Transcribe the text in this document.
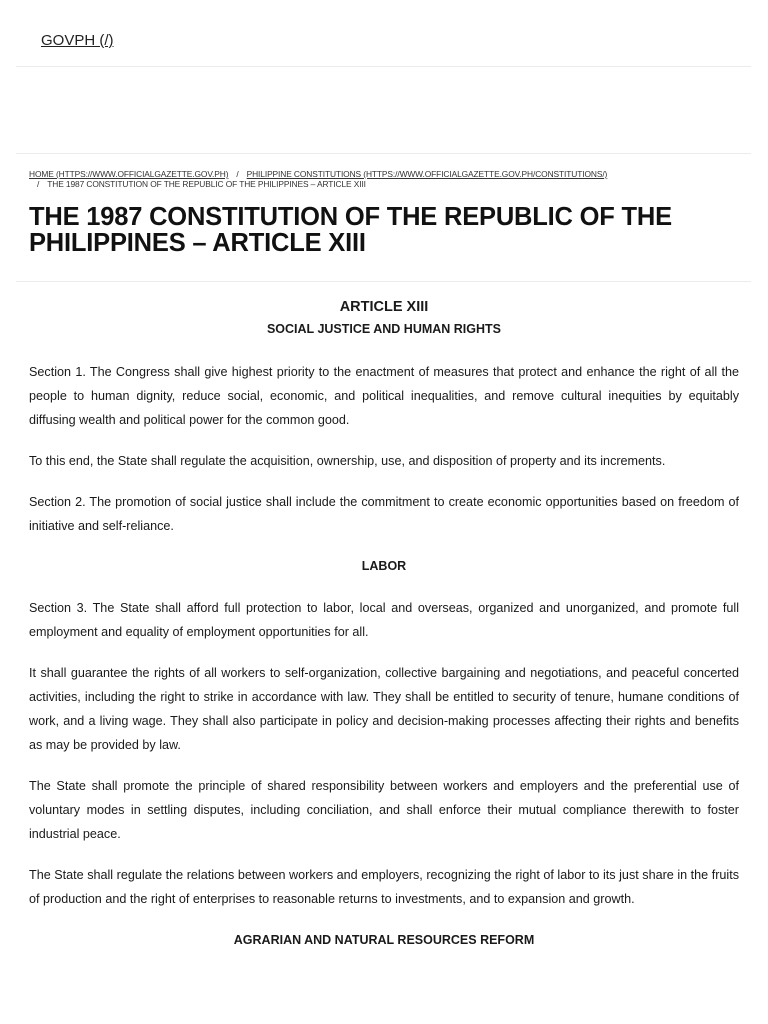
GOVPH (/)
HOME (HTTPS://WWW.OFFICIALGAZETTE.GOV.PH) / PHILIPPINE CONSTITUTIONS (HTTPS://WWW.OFFICIALGAZETTE.GOV.PH/CONSTITUTIONS/)
/ THE 1987 CONSTITUTION OF THE REPUBLIC OF THE PHILIPPINES – ARTICLE XIII
THE 1987 CONSTITUTION OF THE REPUBLIC OF THE PHILIPPINES – ARTICLE XIII

ARTICLE XIII

SOCIAL JUSTICE AND HUMAN RIGHTS

Section 1. The Congress shall give highest priority to the enactment of measures that protect and enhance the right of all the people to human dignity, reduce social, economic, and political inequalities, and remove cultural inequities by equitably diffusing wealth and political power for the common good.

To this end, the State shall regulate the acquisition, ownership, use, and disposition of property and its increments.

Section 2. The promotion of social justice shall include the commitment to create economic opportunities based on freedom of initiative and self-reliance.

LABOR

Section 3. The State shall afford full protection to labor, local and overseas, organized and unorganized, and promote full employment and equality of employment opportunities for all.

It shall guarantee the rights of all workers to self-organization, collective bargaining and negotiations, and peaceful concerted activities, including the right to strike in accordance with law. They shall be entitled to security of tenure, humane conditions of work, and a living wage. They shall also participate in policy and decision-making processes affecting their rights and benefits as may be provided by law.

The State shall promote the principle of shared responsibility between workers and employers and the preferential use of voluntary modes in settling disputes, including conciliation, and shall enforce their mutual compliance therewith to foster industrial peace.

The State shall regulate the relations between workers and employers, recognizing the right of labor to its just share in the fruits of production and the right of enterprises to reasonable returns to investments, and to expansion and growth.

AGRARIAN AND NATURAL RESOURCES REFORM
